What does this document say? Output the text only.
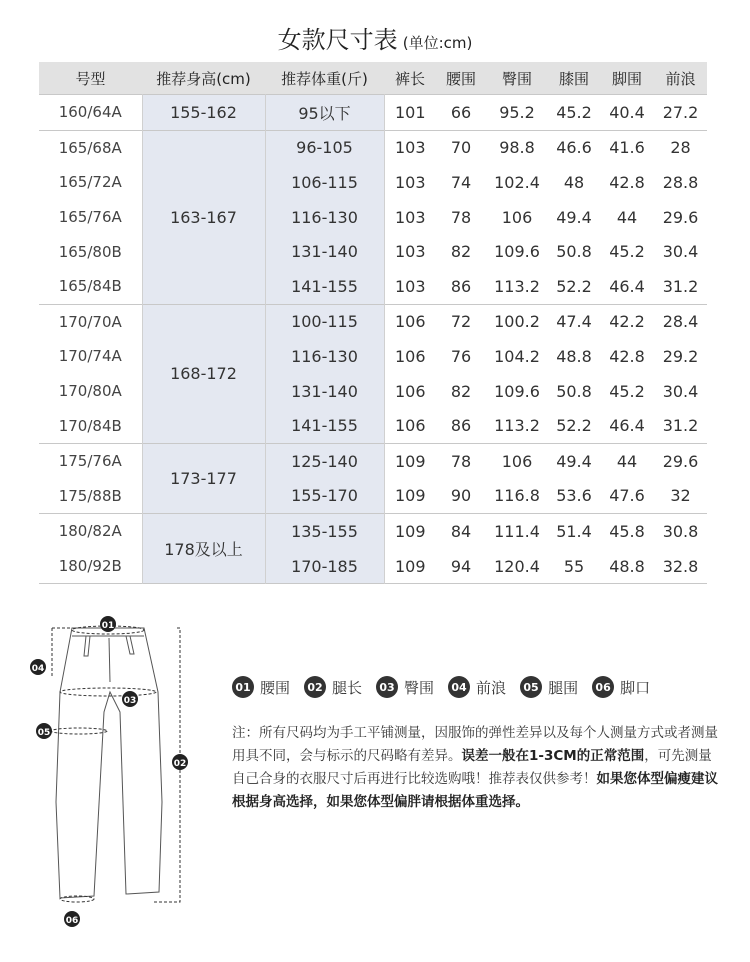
女款尺寸表 (单位:cm)
号型	推荐身高(cm)	推荐体重(斤)	裤长	腰围	臀围	膝围	脚围	前浪
160/64A	155-162	95以下	101	66	95.2	45.2	40.4	27.2
165/68A	163-167	96-105	103	70	98.8	46.6	41.6	28
165/72A		106-115	103	74	102.4	48	42.8	28.8
165/76A		116-130	103	78	106	49.4	44	29.6
165/80B		131-140	103	82	109.6	50.8	45.2	30.4
165/84B		141-155	103	86	113.2	52.2	46.4	31.2
170/70A	168-172	100-115	106	72	100.2	47.4	42.2	28.4
170/74A		116-130	106	76	104.2	48.8	42.8	29.2
170/80A		131-140	106	82	109.6	50.8	45.2	30.4
170/84B		141-155	106	86	113.2	52.2	46.4	31.2
175/76A	173-177	125-140	109	78	106	49.4	44	29.6
175/88B		155-170	109	90	116.8	53.6	47.6	32
180/82A	178及以上	135-155	109	84	111.4	51.4	45.8	30.8
180/92B		170-185	109	94	120.4	55	48.8	32.8
01
02
03
04
05
06
01 腰围	02 腿长	03 臀围	04 前浪	05 腿围	06 脚口
注：所有尺码均为手工平铺测量，因服饰的弹性差异以及每个人测量方式或者测量用具不同，会与标示的尺码略有差异。误差一般在1-3CM的正常范围，可先测量自己合身的衣服尺寸后再进行比较选购哦！推荐表仅供参考！如果您体型偏瘦建议根据身高选择，如果您体型偏胖请根据体重选择。
